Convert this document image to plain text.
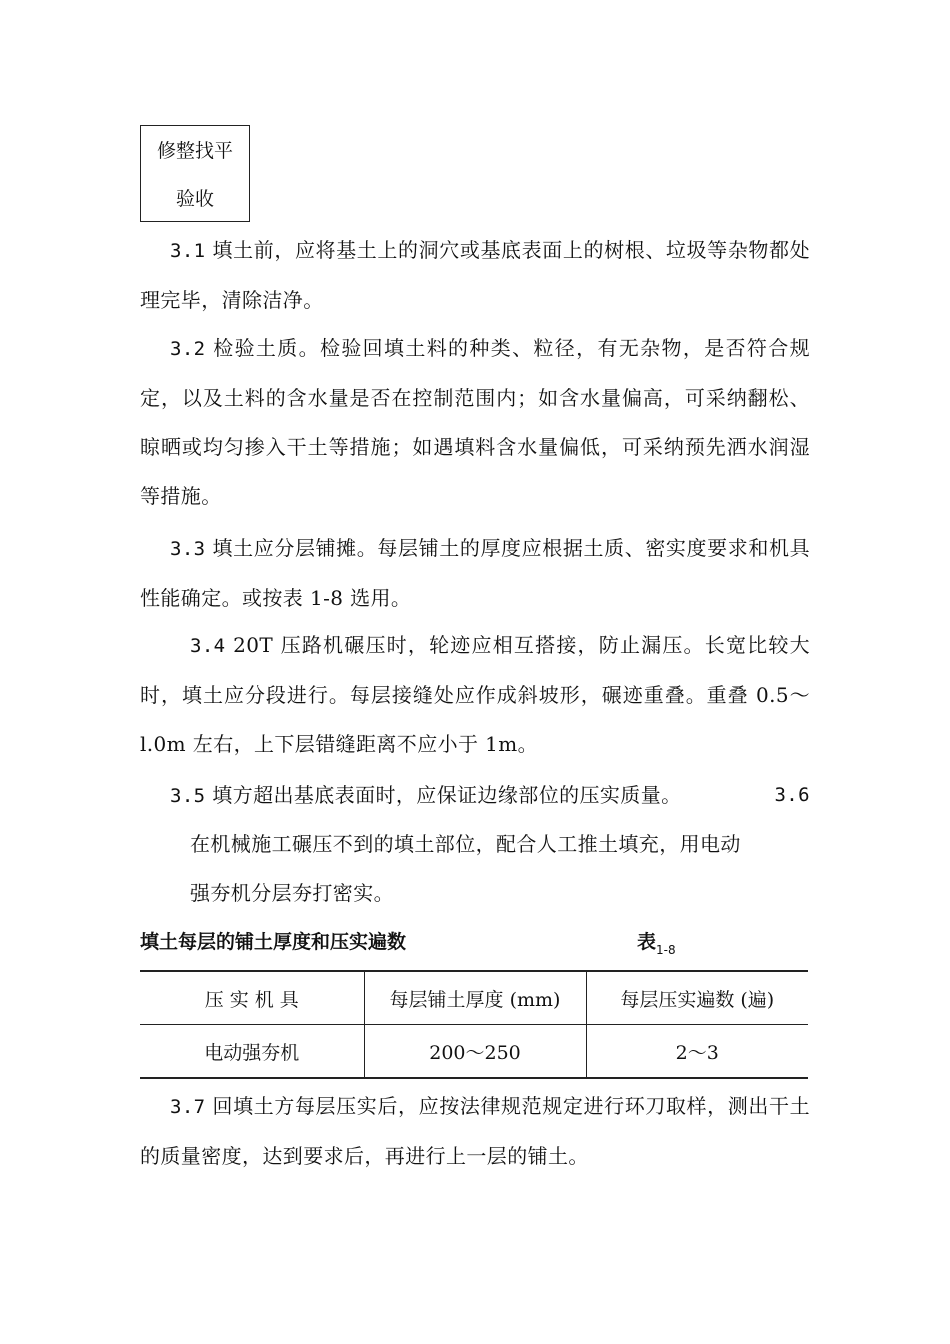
修整找平
验收
3.1 填土前，应将基土上的洞穴或基底表面上的树根、垃圾等杂物都处理完毕，清除洁净。
3.2 检验土质。检验回填土料的种类、粒径，有无杂物，是否符合规定，以及土料的含水量是否在控制范围内；如含水量偏高，可采纳翻松、晾晒或均匀掺入干土等措施；如遇填料含水量偏低，可采纳预先洒水润湿等措施。
3.3 填土应分层铺摊。每层铺土的厚度应根据土质、密实度要求和机具性能确定。或按表 1-8 选用。
3.4 20T 压路机碾压时，轮迹应相互搭接，防止漏压。长宽比较大时，填土应分段进行。每层接缝处应作成斜坡形，碾迹重叠。重叠 0.5～l.0m 左右，上下层错缝距离不应小于 1m。
3.5 填方超出基底表面时，应保证边缘部位的压实质量。	3.6
在机械施工碾压不到的填土部位，配合人工推土填充，用电动
强夯机分层夯打密实。
填土每层的铺土厚度和压实遍数	表$_{1-8}$
压 实 机 具	每层铺土厚度 (mm)	每层压实遍数 (遍)
电动强夯机	200～250	2～3
3.7 回填土方每层压实后，应按法律规范规定进行环刀取样，测出干土的质量密度，达到要求后，再进行上一层的铺土。
